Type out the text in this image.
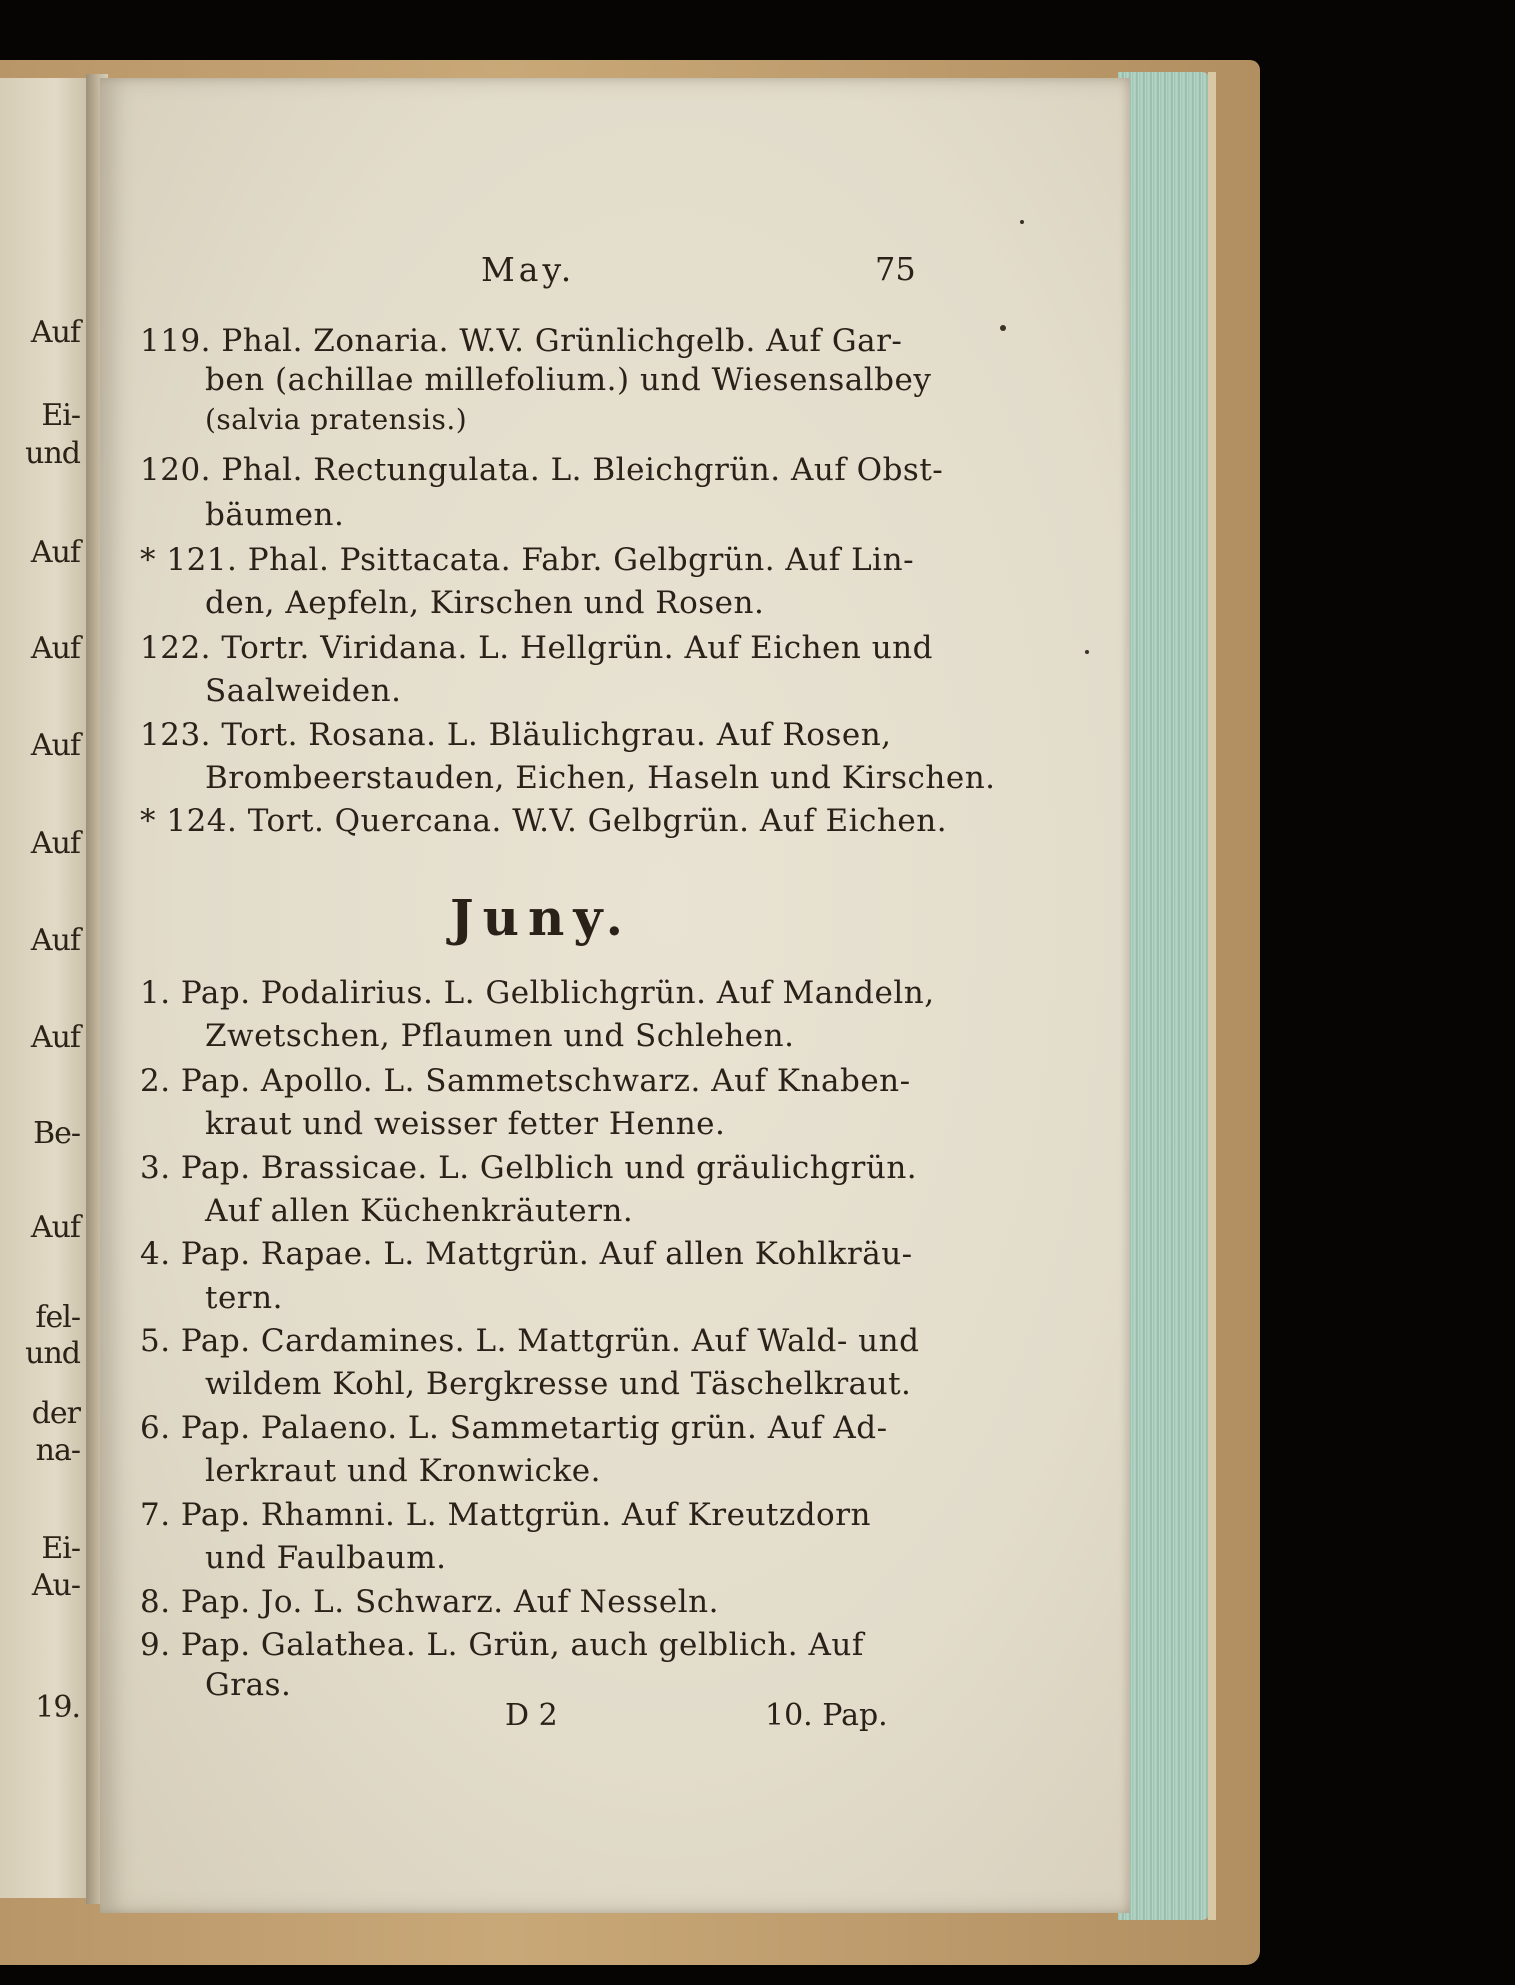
Auf
Ei-
und
Auf
Auf
Auf
Auf
Auf
Auf
Be-
Auf
fel-
und
der
na-
Ei-
Au-
19.
May.	75
119. Phal. Zonaria. W.V. Grünlichgelb. Auf Gar-
ben (achillae millefolium.) und Wiesensalbey
(salvia pratensis.)
120. Phal. Rectungulata. L. Bleichgrün. Auf Obst-
bäumen.
* 121. Phal. Psittacata. Fabr. Gelbgrün. Auf Lin-
den, Aepfeln, Kirschen und Rosen.
122. Tortr. Viridana. L. Hellgrün. Auf Eichen und
Saalweiden.
123. Tort. Rosana. L. Bläulichgrau. Auf Rosen,
Brombeerstauden, Eichen, Haseln und Kirschen.
* 124. Tort. Quercana. W.V. Gelbgrün. Auf Eichen.
Juny.
1. Pap. Podalirius. L. Gelblichgrün. Auf Mandeln,
Zwetschen, Pflaumen und Schlehen.
2. Pap. Apollo. L. Sammetschwarz. Auf Knaben-
kraut und weisser fetter Henne.
3. Pap. Brassicae. L. Gelblich und gräulichgrün.
Auf allen Küchenkräutern.
4. Pap. Rapae. L. Mattgrün. Auf allen Kohlkräu-
tern.
5. Pap. Cardamines. L. Mattgrün. Auf Wald- und
wildem Kohl, Bergkresse und Täschelkraut.
6. Pap. Palaeno. L. Sammetartig grün. Auf Ad-
lerkraut und Kronwicke.
7. Pap. Rhamni. L. Mattgrün. Auf Kreutzdorn
und Faulbaum.
8. Pap. Jo. L. Schwarz. Auf Nesseln.
9. Pap. Galathea. L. Grün, auch gelblich. Auf
Gras.
D 2	10. Pap.
